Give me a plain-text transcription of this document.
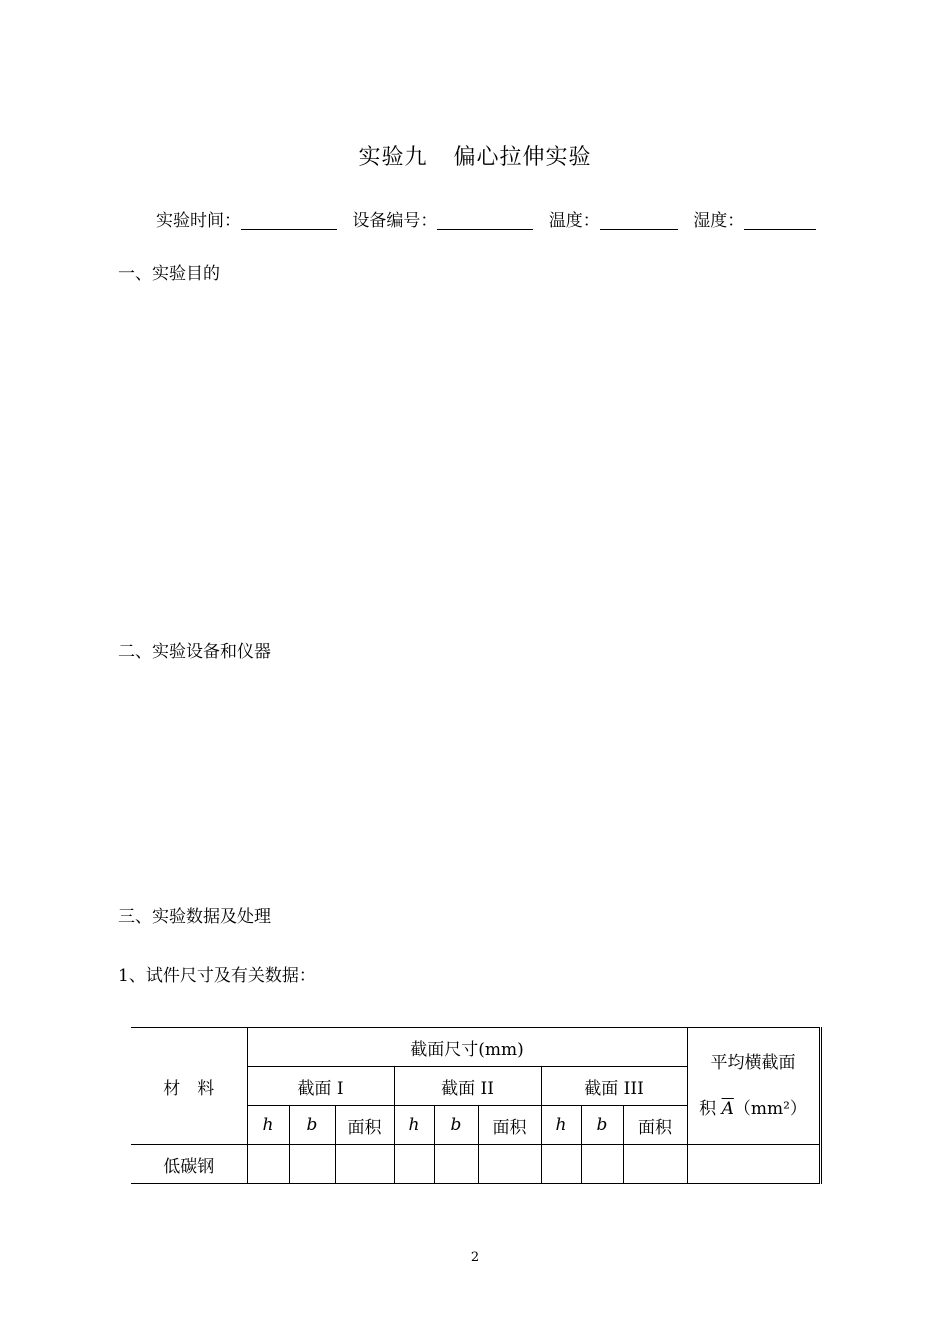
实验九 偏心拉伸实验
实验时间：	设备编号：	温度：	湿度：
一、实验目的
二、实验设备和仪器
三、实验数据及处理
1、试件尺寸及有关数据：
材　料	截面尺寸(mm)									平均横截面
积 $\overline{A}(mm^2)$

	截面 I			截面 II			截面 III			
	h	b	面积	h	b	面积	h	b	面积	
低碳钢										
2
